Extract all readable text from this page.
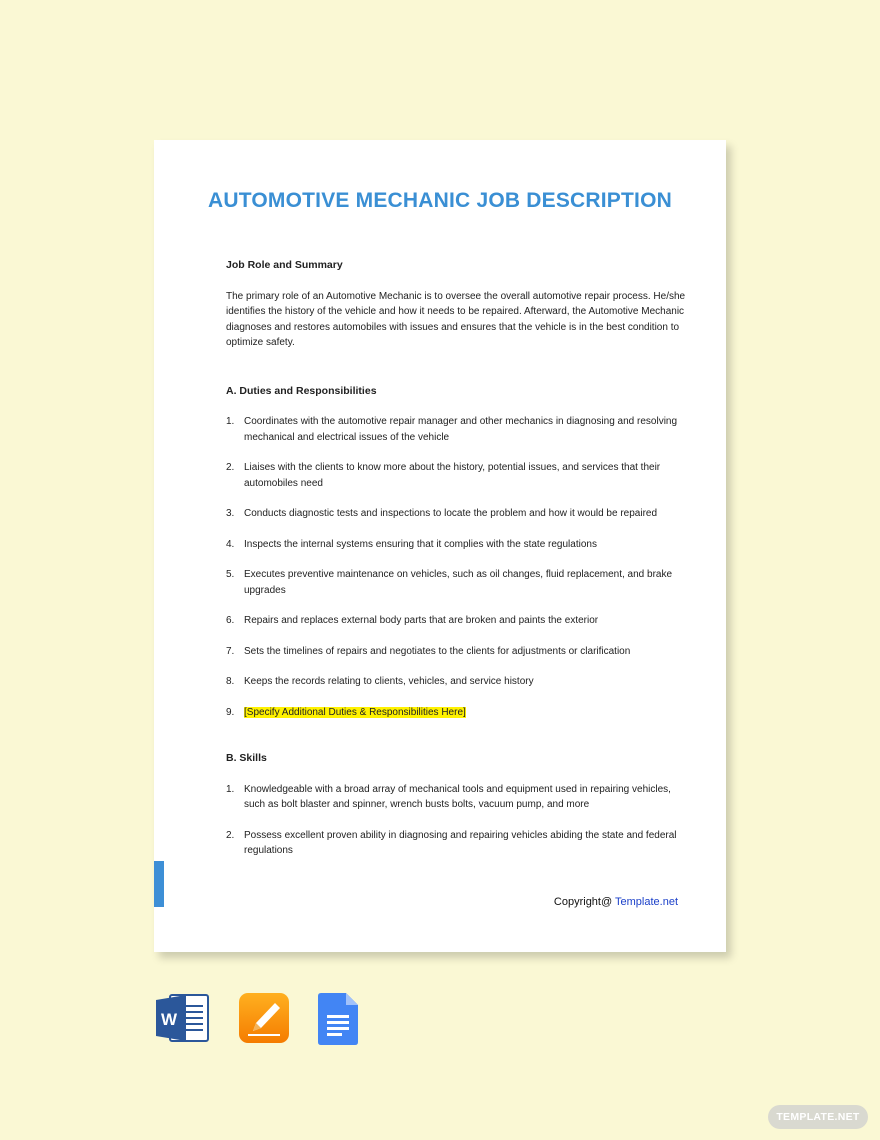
AUTOMOTIVE MECHANIC JOB DESCRIPTION

Job Role and Summary

The primary role of an Automotive Mechanic is to oversee the overall automotive repair process. He/she identifies the history of the vehicle and how it needs to be repaired. Afterward, the Automotive Mechanic diagnoses and restores automobiles with issues and ensures that the vehicle is in the best condition to optimize safety.

A. Duties and Responsibilities

1. Coordinates with the automotive repair manager and other mechanics in diagnosing and resolving mechanical and electrical issues of the vehicle
2. Liaises with the clients to know more about the history, potential issues, and services that their automobiles need
3. Conducts diagnostic tests and inspections to locate the problem and how it would be repaired
4. Inspects the internal systems ensuring that it complies with the state regulations
5. Executes preventive maintenance on vehicles, such as oil changes, fluid replacement, and brake upgrades
6. Repairs and replaces external body parts that are broken and paints the exterior
7. Sets the timelines of repairs and negotiates to the clients for adjustments or clarification
8. Keeps the records relating to clients, vehicles, and service history
9. [Specify Additional Duties & Responsibilities Here]

B. Skills

1. Knowledgeable with a broad array of mechanical tools and equipment used in repairing vehicles, such as bolt blaster and spinner, wrench busts bolts, vacuum pump, and more
2. Possess excellent proven ability in diagnosing and repairing vehicles abiding the state and federal regulations
Copyright@ Template.net
W
TEMPLATE.NET
